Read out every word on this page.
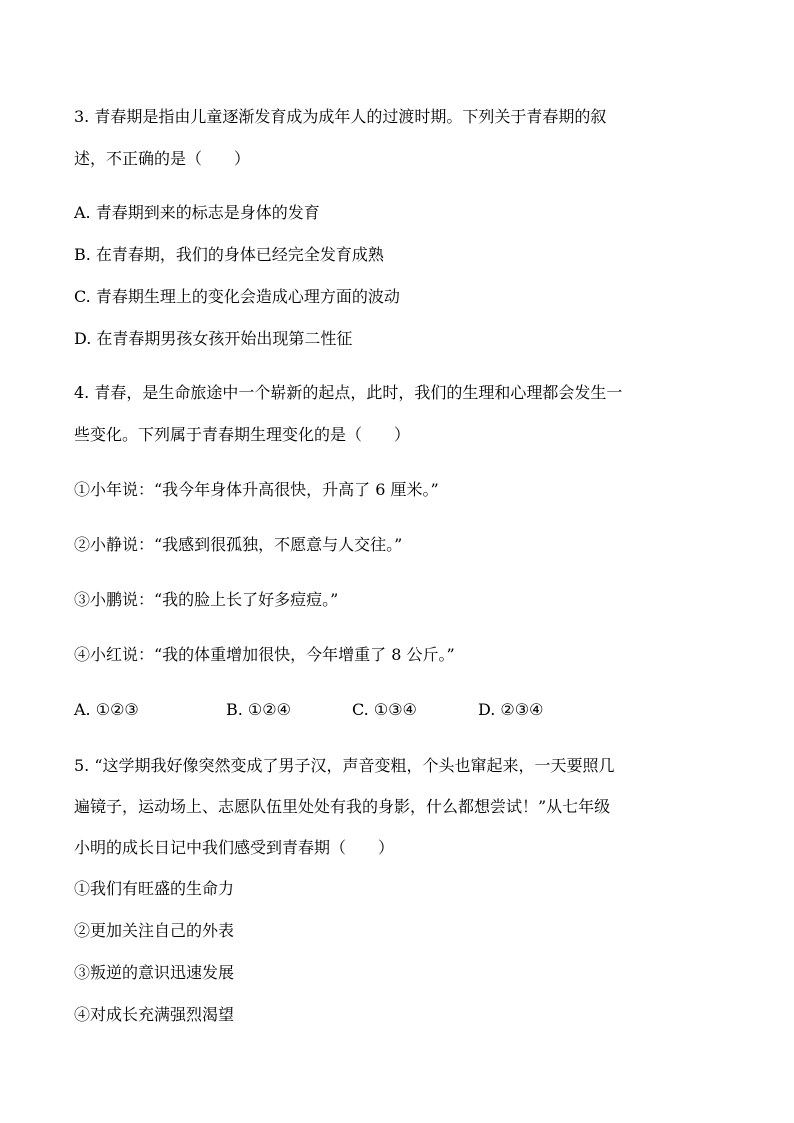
3. 青春期是指由儿童逐渐发育成为成年人的过渡时期。下列关于青春期的叙
述，不正确的是（　　）
A. 青春期到来的标志是身体的发育
B. 在青春期，我们的身体已经完全发育成熟
C. 青春期生理上的变化会造成心理方面的波动
D. 在青春期男孩女孩开始出现第二性征
4. 青春，是生命旅途中一个崭新的起点，此时，我们的生理和心理都会发生一
些变化。下列属于青春期生理变化的是（　　）
①小年说：“我今年身体升高很快，升高了 6 厘米。”
②小静说：“我感到很孤独，不愿意与人交往。”
③小鹏说：“我的脸上长了好多痘痘。”
④小红说：“我的体重增加很快，今年增重了 8 公斤。”
A. ①②③	B. ①②④	C. ①③④	D. ②③④
5. “这学期我好像突然变成了男子汉，声音变粗，个头也窜起来，一天要照几
遍镜子，运动场上、志愿队伍里处处有我的身影，什么都想尝试！”从七年级
小明的成长日记中我们感受到青春期（　　）
①我们有旺盛的生命力
②更加关注自己的外表
③叛逆的意识迅速发展
④对成长充满强烈渴望
